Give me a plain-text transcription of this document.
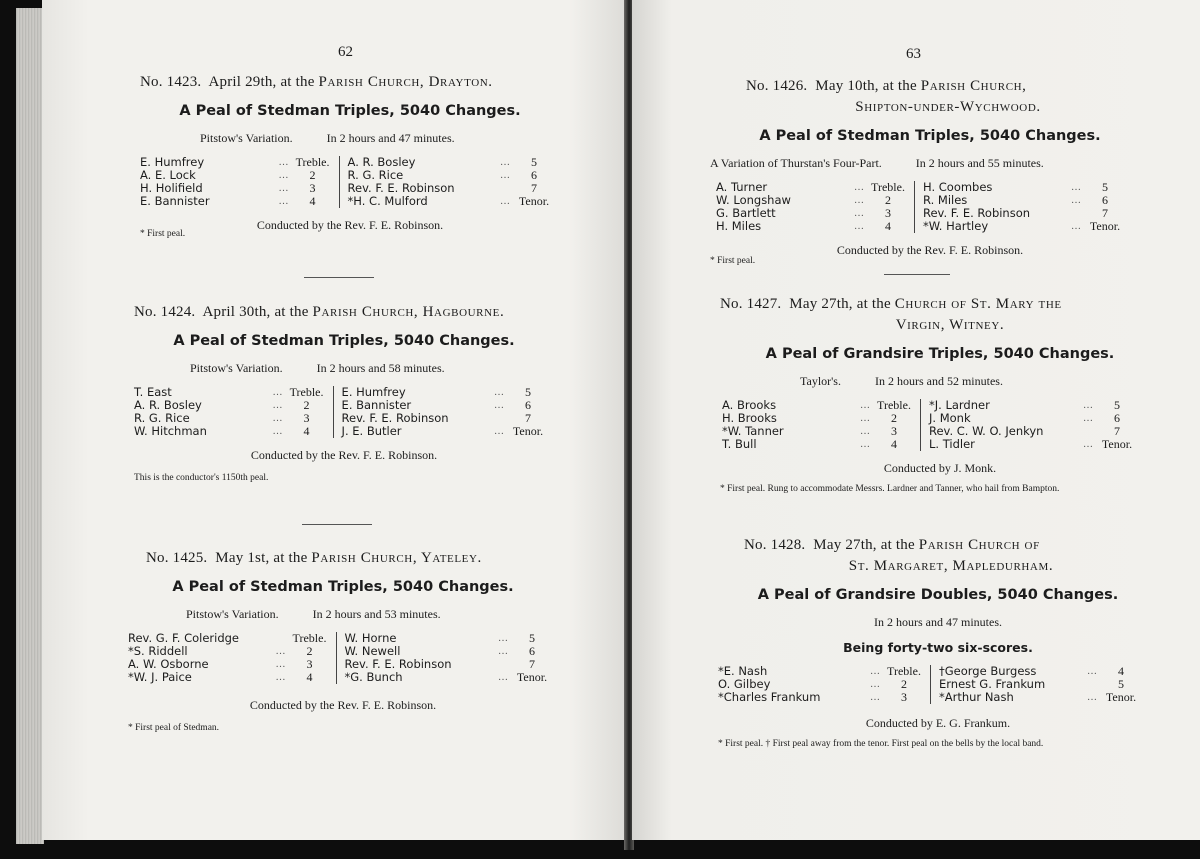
62
No. 1423. April 29th, at the Parish Church, Drayton.
A Peal of Stedman Triples, 5040 Changes.
Pitstow's Variation.	In 2 hours and 47 minutes.
E. Humfrey	… Treble.
A. E. Lock	…	2
H. Holifield	…	3
E. Bannister	…	4
A. R. Bosley	…	5
R. G. Rice	…	6
Rev. F. E. Robinson	7
*H. C. Mulford	… Tenor.
Conducted by the Rev. F. E. Robinson.
* First peal.
No. 1424. April 30th, at the Parish Church, Hagbourne.
A Peal of Stedman Triples, 5040 Changes.
Pitstow's Variation.	In 2 hours and 58 minutes.
T. East	… Treble.
A. R. Bosley	…	2
R. G. Rice	…	3
W. Hitchman	…	4
E. Humfrey	…	5
E. Bannister	…	6
Rev. F. E. Robinson	7
J. E. Butler	… Tenor.
Conducted by the Rev. F. E. Robinson.
This is the conductor's 1150th peal.
No. 1425. May 1st, at the Parish Church, Yateley.
A Peal of Stedman Triples, 5040 Changes.
Pitstow's Variation.	In 2 hours and 53 minutes.
Rev. G. F. Coleridge	Treble.
*S. Riddell	…	2
A. W. Osborne	…	3
*W. J. Paice	…	4
W. Horne	…	5
W. Newell	…	6
Rev. F. E. Robinson	7
*G. Bunch	… Tenor.
Conducted by the Rev. F. E. Robinson.
* First peal of Stedman.
63
No. 1426. May 10th, at the Parish Church,
Shipton-under-Wychwood.
A Peal of Stedman Triples, 5040 Changes.
A Variation of Thurstan's Four-Part.	In 2 hours and 55 minutes.
A. Turner	… Treble.
W. Longshaw	…	2
G. Bartlett	…	3
H. Miles	…	4
H. Coombes	…	5
R. Miles	…	6
Rev. F. E. Robinson	7
*W. Hartley	… Tenor.
Conducted by the Rev. F. E. Robinson.
* First peal.
No. 1427. May 27th, at the Church of St. Mary the
Virgin, Witney.
A Peal of Grandsire Triples, 5040 Changes.
Taylor's.	In 2 hours and 52 minutes.
A. Brooks	… Treble.
H. Brooks	…	2
*W. Tanner	…	3
T. Bull	…	4
*J. Lardner	…	5
J. Monk	…	6
Rev. C. W. O. Jenkyn	7
L. Tidler	… Tenor.
Conducted by J. Monk.
* First peal. Rung to accommodate Messrs. Lardner and Tanner, who hail from Bampton.
No. 1428. May 27th, at the Parish Church of
St. Margaret, Mapledurham.
A Peal of Grandsire Doubles, 5040 Changes.
In 2 hours and 47 minutes.
Being forty-two six-scores.
*E. Nash	… Treble.
O. Gilbey	…	2
*Charles Frankum	…	3
†George Burgess	…	4
Ernest G. Frankum	5
*Arthur Nash	… Tenor.
Conducted by E. G. Frankum.
* First peal. † First peal away from the tenor. First peal on the bells by the local band.
